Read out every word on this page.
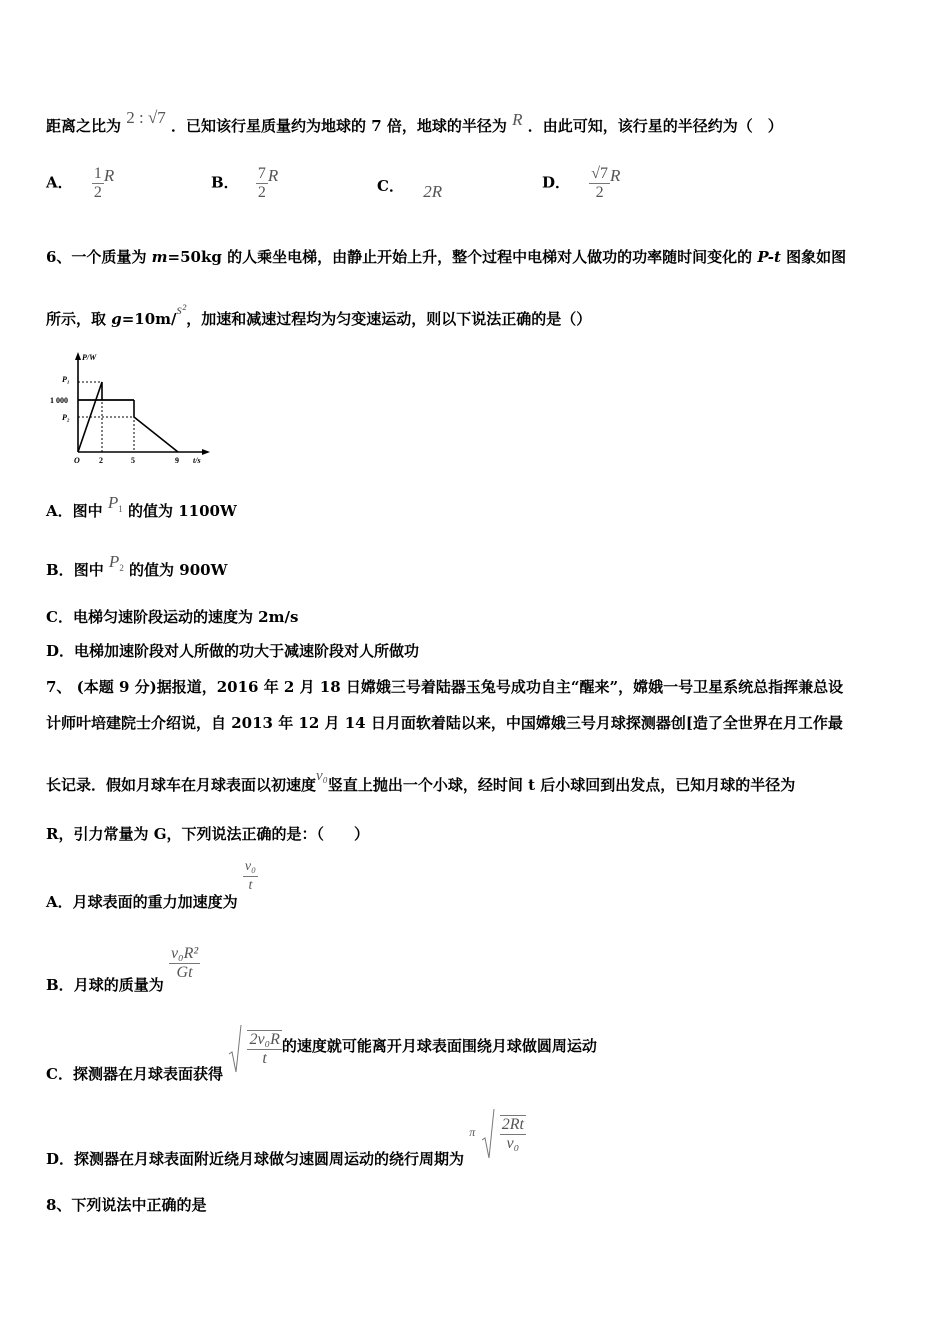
距离之比为 2 : √7 ．已知该行星质量约为地球的 7 倍，地球的半径为 R ．由此可知，该行星的半径约为（　）
A． $\frac{1}{2}$ R	B． $\frac{7}{2}$ R
C． 2R	D． $\frac{√7}{2}$ R
6、一个质量为 m=50kg 的人乘坐电梯，由静止开始上升，整个过程中电梯对人做功的功率随时间变化的 P-t 图象如图
所示，取 g=10m/s²，加速和减速过程均为匀变速运动，则以下说法正确的是（）
P/W
t/s
P₁
1 000
P₂
O 2	5	9
A．图中 $P_1$ 的值为 1100W
B．图中 $P_2$ 的值为 900W
C．电梯匀速阶段运动的速度为 2m/s
D．电梯加速阶段对人所做的功大于减速阶段对人所做功
7、 (本题 9 分)据报道，2016 年 2 月 18 日嫦娥三号着陆器玉兔号成功自主“醒来”，嫦娥一号卫星系统总指挥兼总设
计师叶培建院士介绍说，自 2013 年 12 月 14 日月面软着陆以来，中国嫦娥三号月球探测器创[造了全世界在月工作最
长记录．假如月球车在月球表面以初速度v₀竖直上抛出一个小球，经时间 t 后小球回到出发点，已知月球的半径为
R，引力常量为 G，下列说法正确的是：（　　）
A．月球表面的重力加速度为
$\frac{\text{v₀}}{t}$
B．月球的质量为
$\frac{\text{v₀R²}}{Gt}$
C．探测器在月球表面获得
$\frac{\text{2v₀R}}{t}$ 的速度就可能离开月球表面围绕月球做圆周运动
D．探测器在月球表面附近绕月球做匀速圆周运动的绕行周期为 π $\frac{2Rt}{\text{v₀}}$
8、下列说法中正确的是
